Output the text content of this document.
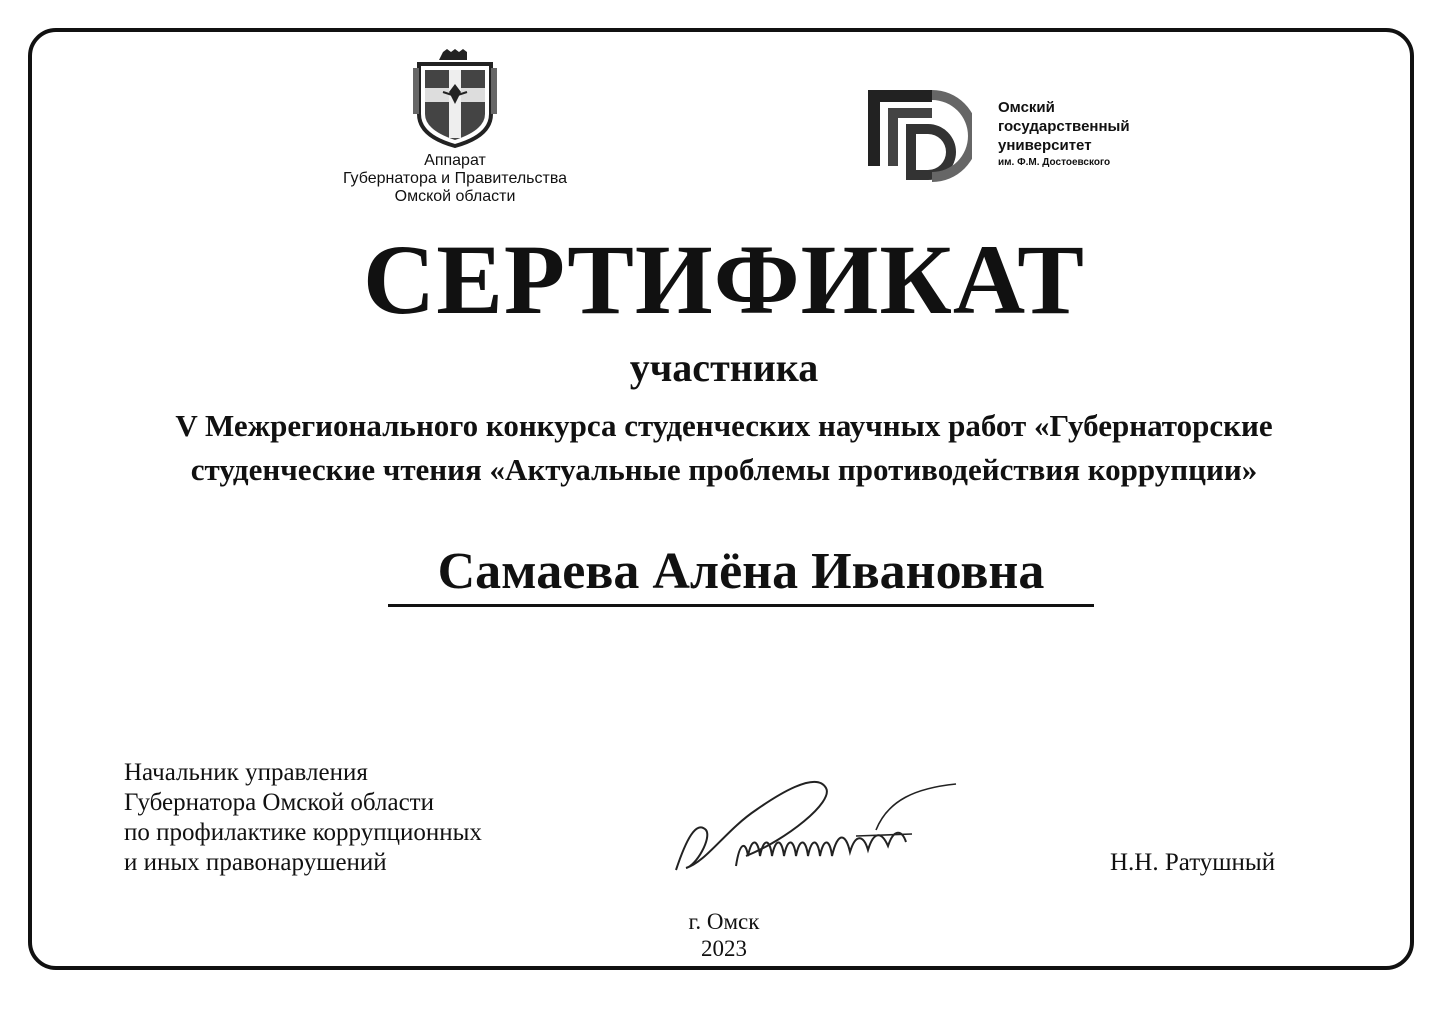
Аппарат
Губернатора и Правительства
Омской области
Омский
государственный
университет
им. Ф.М. Достоевского
СЕРТИФИКАТ
участника
V Межрегионального конкурса студенческих научных работ «Губернаторские
студенческие чтения «Актуальные проблемы противодействия коррупции»
Самаева Алёна Ивановна
Начальник управления
Губернатора Омской области
по профилактике коррупционных
и иных правонарушений	Н.Н. Ратушный
г. Омск
2023
